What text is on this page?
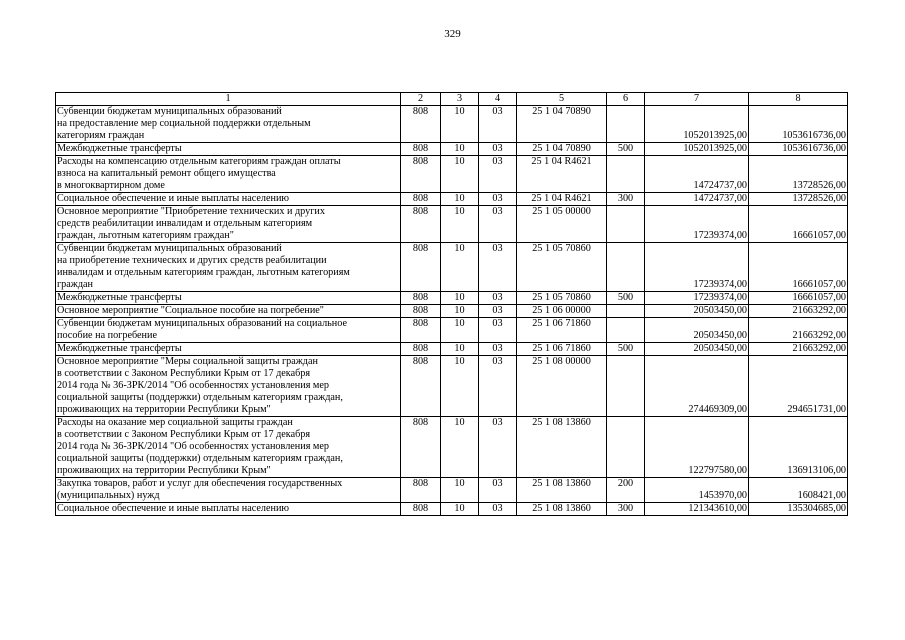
329
1	2	3	4	5	6	7	8

Субвенции бюджетам муниципальных образований
на предоставление мер социальной поддержки отдельным
категориям граждан	808	10	03	25 1 04 70890		1052013925,00	1053616736,00

Межбюджетные трансферты	808	10	03	25 1 04 70890	500	1052013925,00	1053616736,00

Расходы на компенсацию отдельным категориям граждан оплаты
взноса на капитальный ремонт общего имущества
в многоквартирном доме	808	10	03	25 1 04 R4621		14724737,00	13728526,00

Социальное обеспечение и иные выплаты населению	808	10	03	25 1 04 R4621	300	14724737,00	13728526,00

Основное мероприятие "Приобретение технических и других
средств реабилитации инвалидам и отдельным категориям
граждан, льготным категориям граждан"	808	10	03	25 1 05 00000		17239374,00	16661057,00

Субвенции бюджетам муниципальных образований
на приобретение технических и других средств реабилитации
инвалидам и отдельным категориям граждан, льготным категориям
граждан	808	10	03	25 1 05 70860		17239374,00	16661057,00

Межбюджетные трансферты	808	10	03	25 1 05 70860	500	17239374,00	16661057,00

Основное мероприятие "Социальное пособие на погребение"	808	10	03	25 1 06 00000		20503450,00	21663292,00

Субвенции бюджетам муниципальных образований на социальное
пособие на погребение	808	10	03	25 1 06 71860		20503450,00	21663292,00

Межбюджетные трансферты	808	10	03	25 1 06 71860	500	20503450,00	21663292,00

Основное мероприятие "Меры социальной защиты граждан
в соответствии с Законом Республики Крым от 17 декабря
2014 года № 36-ЗРК/2014 "Об особенностях установления мер
социальной защиты (поддержки) отдельным категориям граждан,
проживающих на территории Республики Крым"	808	10	03	25 1 08 00000		274469309,00	294651731,00

Расходы на оказание мер социальной защиты граждан
в соответствии с Законом Республики Крым от 17 декабря
2014 года № 36-ЗРК/2014 "Об особенностях установления мер
социальной защиты (поддержки) отдельным категориям граждан,
проживающих на территории Республики Крым"	808	10	03	25 1 08 13860		122797580,00	136913106,00

Закупка товаров, работ и услуг для обеспечения государственных
(муниципальных) нужд	808	10	03	25 1 08 13860	200	1453970,00	1608421,00

Социальное обеспечение и иные выплаты населению	808	10	03	25 1 08 13860	300	121343610,00	135304685,00
